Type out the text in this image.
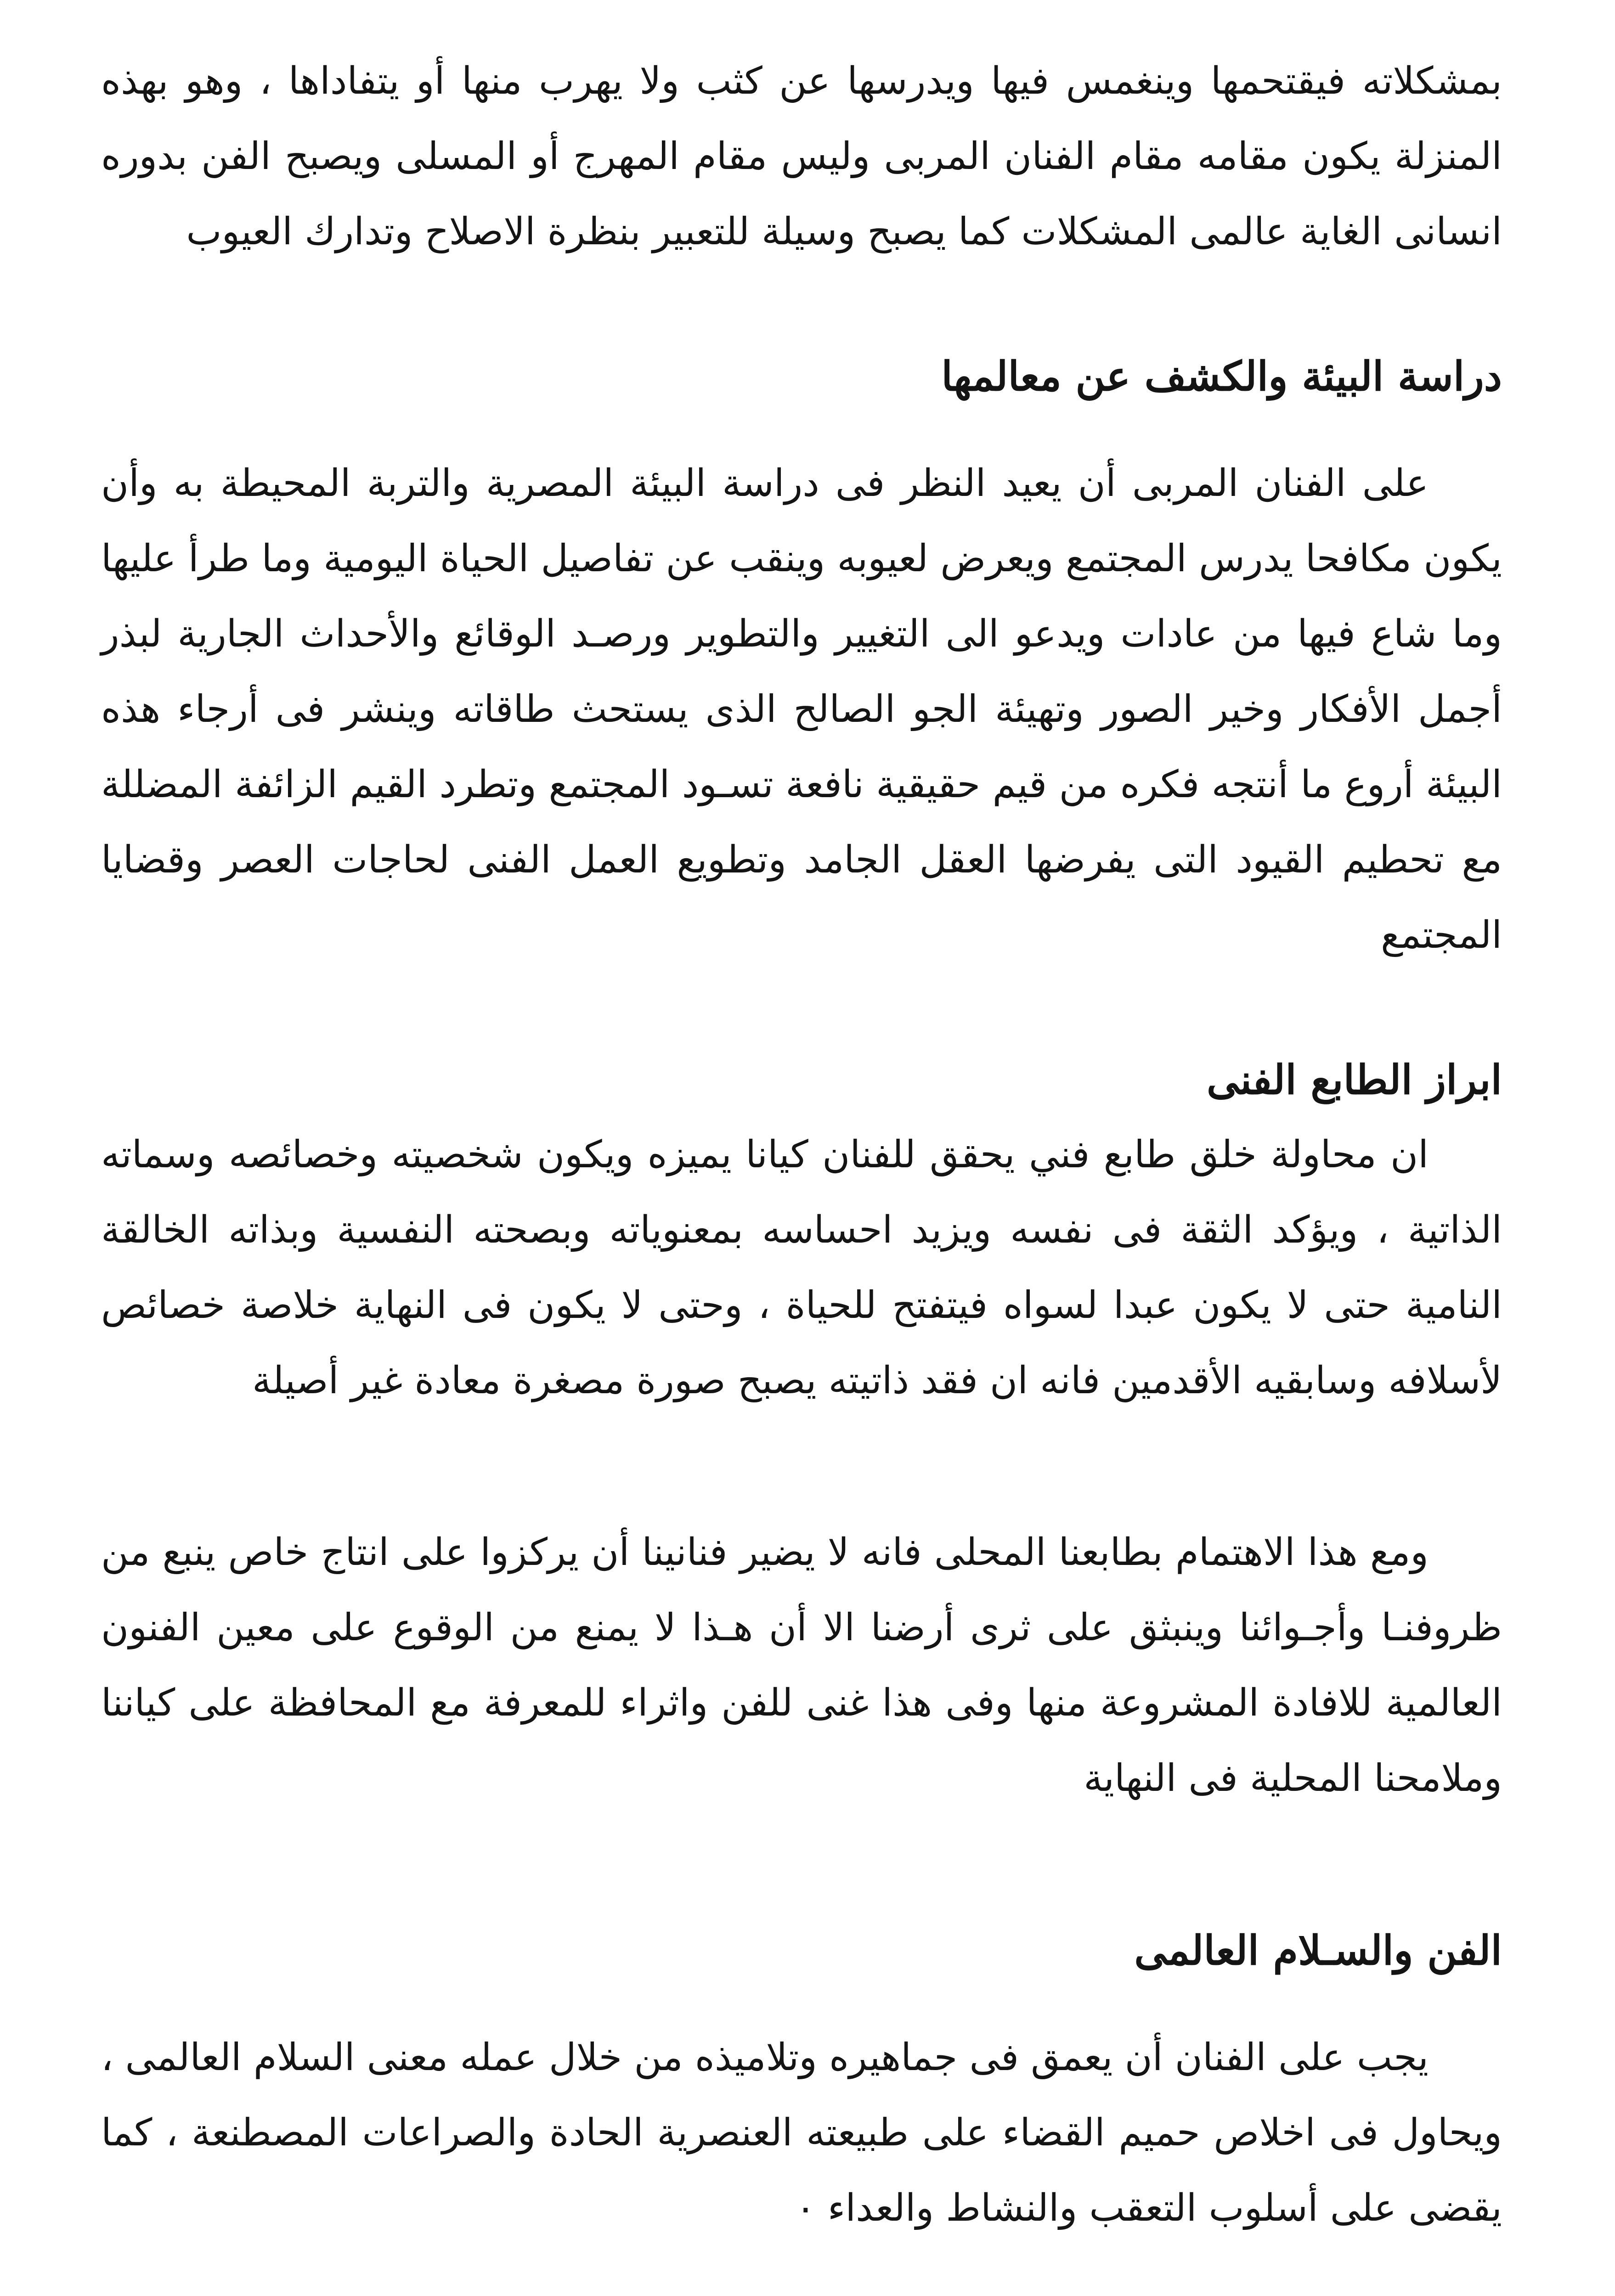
بمشكلاته فيقتحمها وينغمس فيها ويدرسها عن كثب ولا يهرب منها أو يتفاداها ، وهو بهذه المنزلة يكون مقامه مقام الفنان المربى وليس مقام المهرج أو المسلى ويصبح الفن بدوره انسانى الغاية عالمى المشكلات كما يصبح وسيلة للتعبير بنظرة الاصلاح وتدارك العيوب

دراسة البيئة والكشف عن معالمها

على الفنان المربى أن يعيد النظر فى دراسة البيئة المصرية والتربة المحيطة به وأن يكون مكافحا يدرس المجتمع ويعرض لعيوبه وينقب عن تفاصيل الحياة اليومية وما طرأ عليها وما شاع فيها من عادات ويدعو الى التغيير والتطوير ورصـد الوقائع والأحداث الجارية لبذر أجمل الأفكار وخير الصور وتهيئة الجو الصالح الذى يستحث طاقاته وينشر فى أرجاء هذه البيئة أروع ما أنتجه فكره من قيم حقيقية نافعة تسـود المجتمع وتطرد القيم الزائفة المضللة مع تحطيم القيود التى يفرضها العقل الجامد وتطويع العمل الفنى لحاجات العصر وقضايا المجتمع

ابراز الطابع الفنى

ان محاولة خلق طابع فني يحقق للفنان كيانا يميزه ويكون شخصيته وخصائصه وسماته الذاتية ، ويؤكد الثقة فى نفسه ويزيد احساسه بمعنوياته وبصحته النفسية وبذاته الخالقة النامية حتى لا يكون عبدا لسواه فيتفتح للحياة ، وحتى لا يكون فى النهاية خلاصة خصائص لأسلافه وسابقيه الأقدمين فانه ان فقد ذاتيته يصبح صورة مصغرة معادة غير أصيلة

ومع هذا الاهتمام بطابعنا المحلى فانه لا يضير فنانينا أن يركزوا على انتاج خاص ينبع من ظروفنـا وأجـوائنا وينبثق على ثرى أرضنا الا أن هـذا لا يمنع من الوقوع على معين الفنون العالمية للافادة المشروعة منها وفى هذا غنى للفن واثراء للمعرفة مع المحافظة على كياننا وملامحنا المحلية فى النهاية

الفن والسـلام العالمى

يجب على الفنان أن يعمق فى جماهيره وتلاميذه من خلال عمله معنى السلام العالمى ، ويحاول فى اخلاص حميم القضاء على طبيعته العنصرية الحادة والصراعات المصطنعة ، كما يقضى على أسلوب التعقب والنشاط والعداء ٠
